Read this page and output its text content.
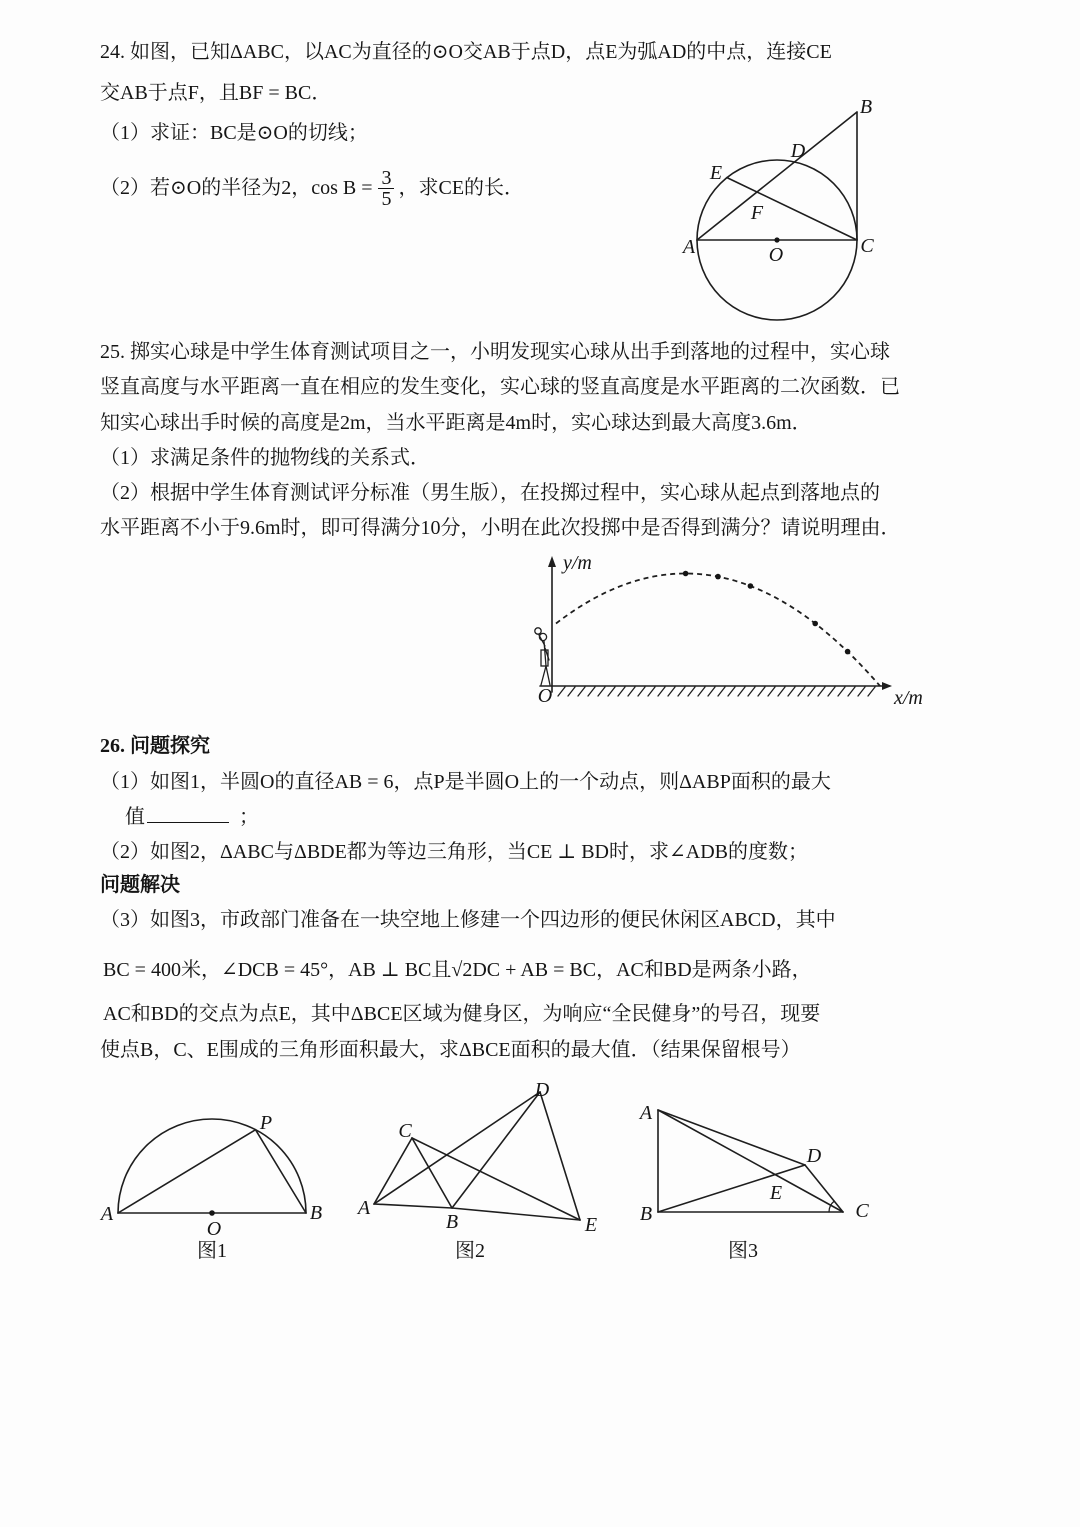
24. 如图，已知ΔABC，以AC为直径的⊙O交AB于点D，点E为弧AD的中点，连接CE
交AB于点F，且BF = BC．
（1）求证：BC是⊙O的切线；
（2）若⊙O的半径为2，$\cos B = \frac{3}{5}$ ，求CE的长．
A
B
C
D
E
F
O
25. 掷实心球是中学生体育测试项目之一，小明发现实心球从出手到落地的过程中，实心球
竖直高度与水平距离一直在相应的发生变化，实心球的竖直高度是水平距离的二次函数．已
知实心球出手时候的高度是2m，当水平距离是4m时，实心球达到最大高度3.6m．
（1）求满足条件的抛物线的关系式．
（2）根据中学生体育测试评分标准（男生版），在投掷过程中，实心球从起点到落地点的
水平距离不小于9.6m时，即可得满分10分，小明在此次投掷中是否得到满分？请说明理由．
y/m
O	x/m
26. 问题探究
（1）如图1，半圆O的直径AB = 6，点P是半圆O上的一个动点，则ΔABP面积的最大
值	；
（2）如图2，ΔABC与ΔBDE都为等边三角形，当CE ⊥ BD时，求∠ADB的度数；
问题解决
（3）如图3，市政部门准备在一块空地上修建一个四边形的便民休闲区ABCD，其中
BC = 400米，∠DCB = 45°，AB ⊥ BC且√2DC + AB = BC，AC和BD是两条小路，
AC和BD的交点为点E，其中ΔBCE区域为健身区，为响应“全民健身”的号召，现要
使点B，C、E围成的三角形面积最大，求ΔBCE面积的最大值．（结果保留根号）
A	B
O
P
图1
A
B
C
D
E
图2
A
B	C
D
E
图3
